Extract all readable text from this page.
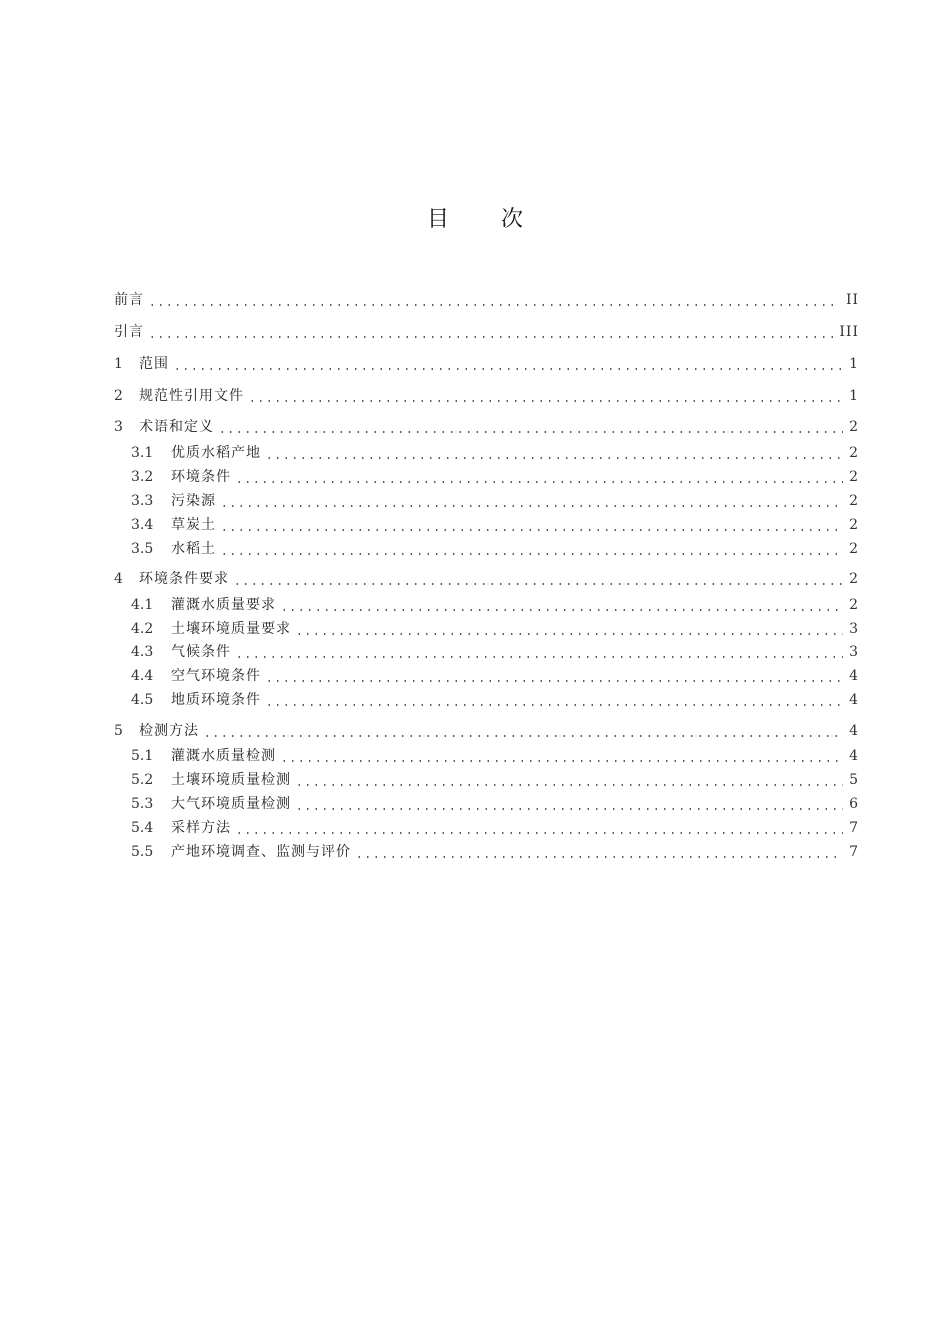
目 次
前言	II
引言	III
1	范围	1
2	规范性引用文件	1
3	术语和定义	2
3.1	优质水稻产地	2
3.2	环境条件	2
3.3	污染源	2
3.4	草炭土	2
3.5	水稻土	2
4	环境条件要求	2
4.1	灌溉水质量要求	2
4.2	土壤环境质量要求	3
4.3	气候条件	3
4.4	空气环境条件	4
4.5	地质环境条件	4
5	检测方法	4
5.1	灌溉水质量检测	4
5.2	土壤环境质量检测	5
5.3	大气环境质量检测	6
5.4	采样方法	7
5.5	产地环境调查、监测与评价	7
